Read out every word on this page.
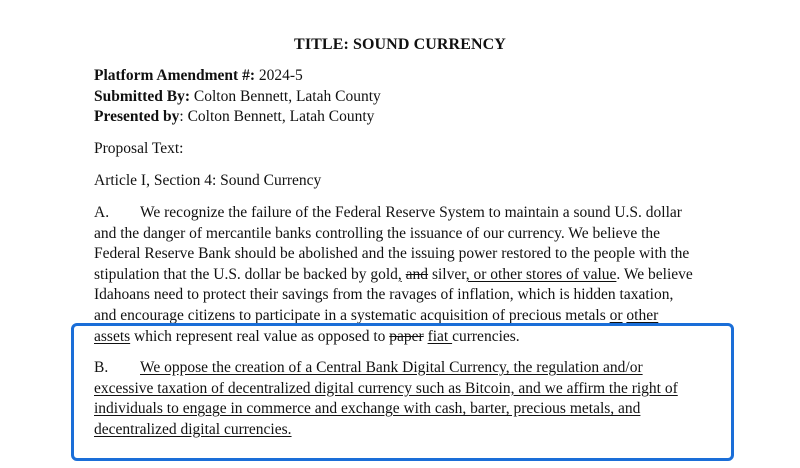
TITLE: SOUND CURRENCY
Platform Amendment #: 2024-5
Submitted By: Colton Bennett, Latah County
Presented by: Colton Bennett, Latah County
Proposal Text:
Article I, Section 4: Sound Currency
A. We recognize the failure of the Federal Reserve System to maintain a sound U.S. dollar
and the danger of mercantile banks controlling the issuance of our currency. We believe the
Federal Reserve Bank should be abolished and the issuing power restored to the people with the
stipulation that the U.S. dollar be backed by gold, and silver, or other stores of value. We believe
Idahoans need to protect their savings from the ravages of inflation, which is hidden taxation,
and encourage citizens to participate in a systematic acquisition of precious metals or other
assets which represent real value as opposed to paper fiat currencies.
B. We oppose the creation of a Central Bank Digital Currency, the regulation and/or
excessive taxation of decentralized digital currency such as Bitcoin, and we affirm the right of
individuals to engage in commerce and exchange with cash, barter, precious metals, and
decentralized digital currencies.
